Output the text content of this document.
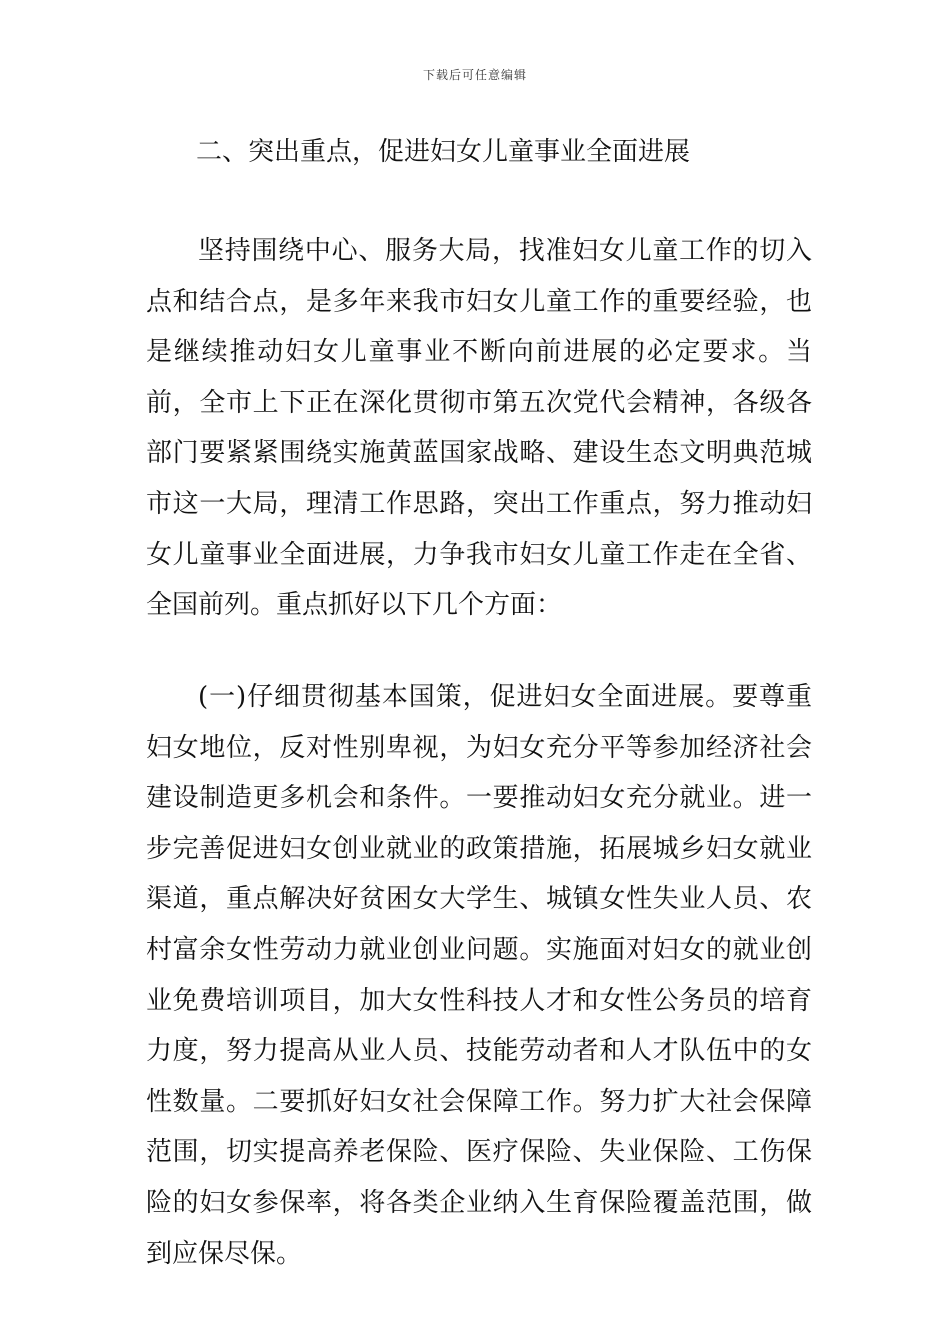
下载后可任意编辑
二、突出重点，促进妇女儿童事业全面进展
坚持围绕中心、服务大局，找准妇女儿童工作的切入点和结合点，是多年来我市妇女儿童工作的重要经验，也是继续推动妇女儿童事业不断向前进展的必定要求。当前，全市上下正在深化贯彻市第五次党代会精神，各级各部门要紧紧围绕实施黄蓝国家战略、建设生态文明典范城市这一大局，理清工作思路，突出工作重点，努力推动妇女儿童事业全面进展，力争我市妇女儿童工作走在全省、全国前列。重点抓好以下几个方面：
(一)仔细贯彻基本国策，促进妇女全面进展。要尊重妇女地位，反对性别卑视，为妇女充分平等参加经济社会建设制造更多机会和条件。一要推动妇女充分就业。进一步完善促进妇女创业就业的政策措施，拓展城乡妇女就业渠道，重点解决好贫困女大学生、城镇女性失业人员、农村富余女性劳动力就业创业问题。实施面对妇女的就业创业免费培训项目，加大女性科技人才和女性公务员的培育力度，努力提高从业人员、技能劳动者和人才队伍中的女性数量。二要抓好妇女社会保障工作。努力扩大社会保障范围，切实提高养老保险、医疗保险、失业保险、工伤保险的妇女参保率，将各类企业纳入生育保险覆盖范围，做到应保尽保。
